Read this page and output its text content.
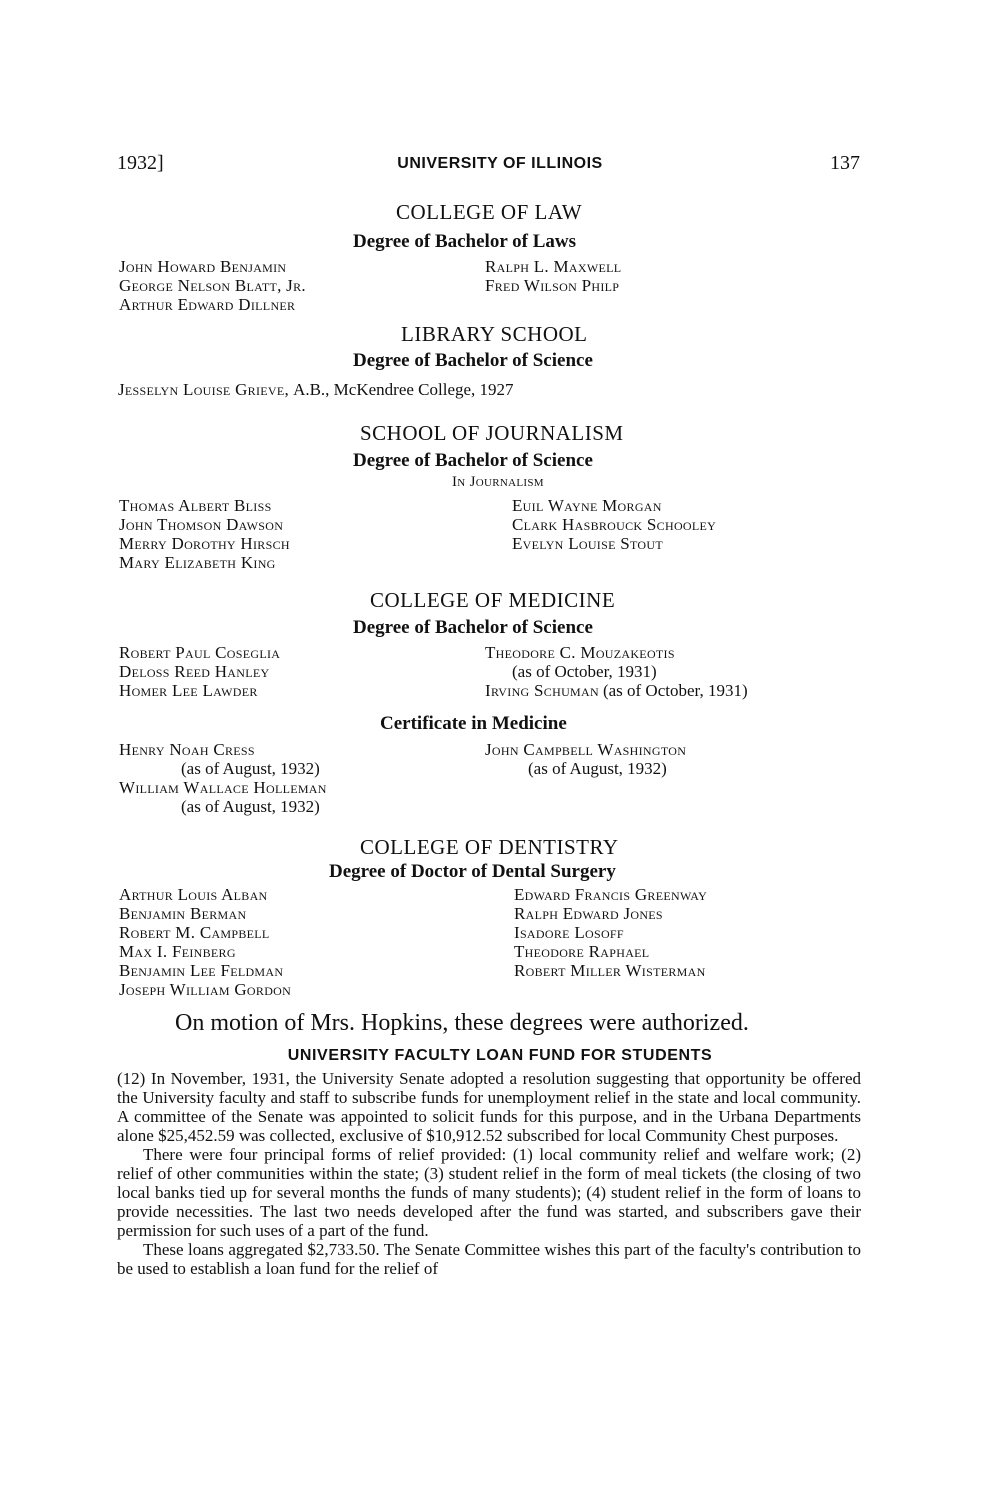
1932]	UNIVERSITY OF ILLINOIS	137
COLLEGE OF LAW
Degree of Bachelor of Laws
John Howard Benjamin
George Nelson Blatt, Jr.
Arthur Edward Dillner
Ralph L. Maxwell
Fred Wilson Philp
LIBRARY SCHOOL
Degree of Bachelor of Science
Jesselyn Louise Grieve, A.B., McKendree College, 1927
SCHOOL OF JOURNALISM
Degree of Bachelor of Science
In Journalism
Thomas Albert Bliss
John Thomson Dawson
Merry Dorothy Hirsch
Mary Elizabeth King
Euil Wayne Morgan
Clark Hasbrouck Schooley
Evelyn Louise Stout
COLLEGE OF MEDICINE
Degree of Bachelor of Science
Robert Paul Coseglia
Deloss Reed Hanley
Homer Lee Lawder
Theodore C. Mouzakeotis
(as of October, 1931)
Irving Schuman (as of October, 1931)
Certificate in Medicine
Henry Noah Cress
(as of August, 1932)
William Wallace Holleman
(as of August, 1932)
John Campbell Washington
(as of August, 1932)
COLLEGE OF DENTISTRY
Degree of Doctor of Dental Surgery
Arthur Louis Alban
Benjamin Berman
Robert M. Campbell
Max I. Feinberg
Benjamin Lee Feldman
Joseph William Gordon
Edward Francis Greenway
Ralph Edward Jones
Isadore Losoff
Theodore Raphael
Robert Miller Wisterman
On motion of Mrs. Hopkins, these degrees were authorized.
UNIVERSITY FACULTY LOAN FUND FOR STUDENTS

(12) In November, 1931, the University Senate adopted a resolution suggesting that opportunity be offered the University faculty and staff to subscribe funds for unemployment relief in the state and local community. A committee of the Senate was appointed to solicit funds for this purpose, and in the Urbana Departments alone $25,452.59 was collected, exclusive of $10,912.52 subscribed for local Community Chest purposes.

There were four principal forms of relief provided: (1) local community relief and welfare work; (2) relief of other communities within the state; (3) student relief in the form of meal tickets (the closing of two local banks tied up for several months the funds of many students); (4) student relief in the form of loans to provide necessities. The last two needs developed after the fund was started, and subscribers gave their permission for such uses of a part of the fund.

These loans aggregated $2,733.50. The Senate Committee wishes this part of the faculty's contribution to be used to establish a loan fund for the relief of
